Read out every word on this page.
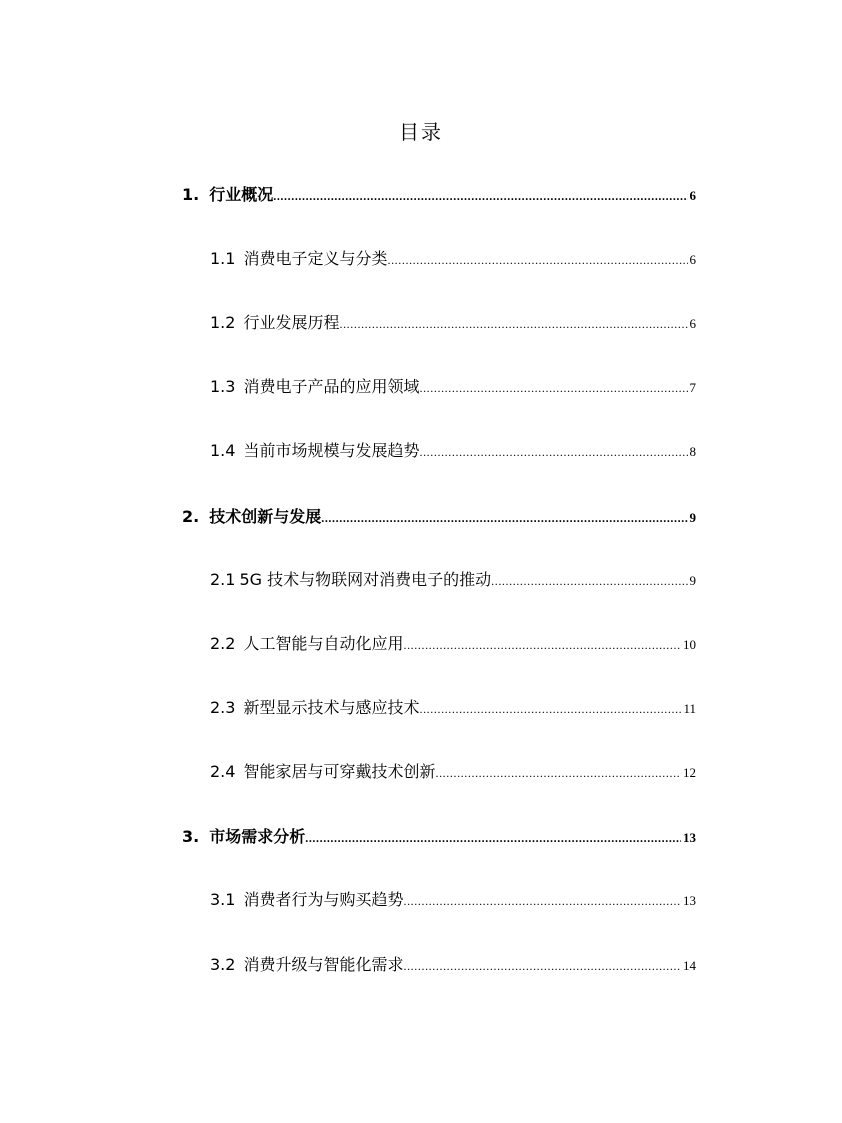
目录
1. 行业概况 .....	6
1.1 消费电子定义与分类 .....	6
1.2 行业发展历程 .....	6
1.3 消费电子产品的应用领域 .....	7
1.4 当前市场规模与发展趋势 .....	8
2. 技术创新与发展 .....	9
2.1 5G 技术与物联网对消费电子的推动 .....	9
2.2 人工智能与自动化应用 .....	10
2.3 新型显示技术与感应技术 .....	11
2.4 智能家居与可穿戴技术创新 .....	12
3. 市场需求分析 .....	13
3.1 消费者行为与购买趋势 .....	13
3.2 消费升级与智能化需求 .....	14
